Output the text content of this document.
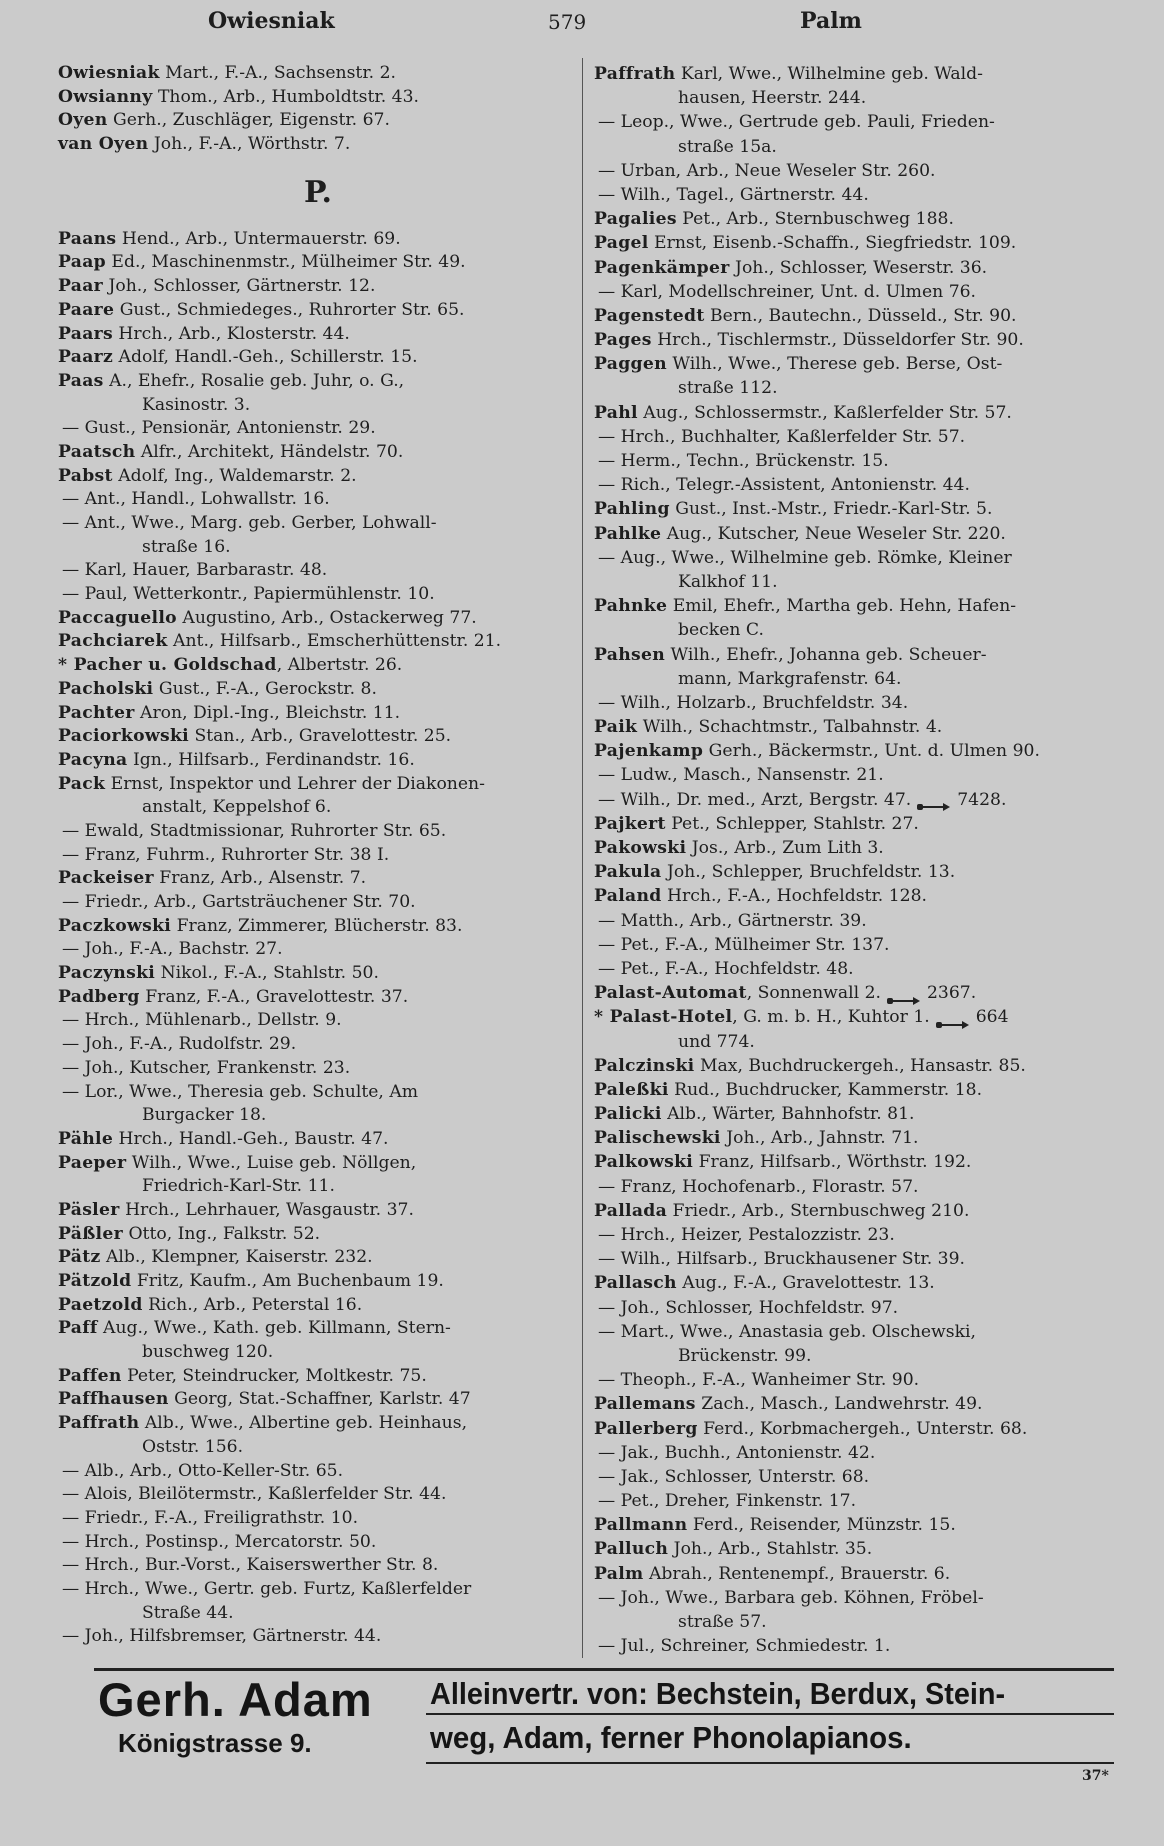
Owiesniak	579	Palm
Owiesniak Mart., F.-A., Sachsenstr. 2.
Owsianny Thom., Arb., Humboldtstr. 43.
Oyen Gerh., Zuschläger, Eigenstr. 67.
van Oyen Joh., F.-A., Wörthstr. 7.
P.
Paans Hend., Arb., Untermauerstr. 69.
Paap Ed., Maschinenmstr., Mülheimer Str. 49.
Paar Joh., Schlosser, Gärtnerstr. 12.
Paare Gust., Schmiedeges., Ruhrorter Str. 65.
Paars Hrch., Arb., Klosterstr. 44.
Paarz Adolf, Handl.-Geh., Schillerstr. 15.
Paas A., Ehefr., Rosalie geb. Juhr, o. G.,
Kasinostr. 3.
— Gust., Pensionär, Antonienstr. 29.
Paatsch Alfr., Architekt, Händelstr. 70.
Pabst Adolf, Ing., Waldemarstr. 2.
— Ant., Handl., Lohwallstr. 16.
— Ant., Wwe., Marg. geb. Gerber, Lohwall-
straße 16.
— Karl, Hauer, Barbarastr. 48.
— Paul, Wetterkontr., Papiermühlenstr. 10.
Paccaguello Augustino, Arb., Ostackerweg 77.
Pachciarek Ant., Hilfsarb., Emscherhüttenstr. 21.
* Pacher u. Goldschad, Albertstr. 26.
Pacholski Gust., F.-A., Gerockstr. 8.
Pachter Aron, Dipl.-Ing., Bleichstr. 11.
Paciorkowski Stan., Arb., Gravelottestr. 25.
Pacyna Ign., Hilfsarb., Ferdinandstr. 16.
Pack Ernst, Inspektor und Lehrer der Diakonen-
anstalt, Keppelshof 6.
— Ewald, Stadtmissionar, Ruhrorter Str. 65.
— Franz, Fuhrm., Ruhrorter Str. 38 I.
Packeiser Franz, Arb., Alsenstr. 7.
— Friedr., Arb., Gartsträuchener Str. 70.
Paczkowski Franz, Zimmerer, Blücherstr. 83.
— Joh., F.-A., Bachstr. 27.
Paczynski Nikol., F.-A., Stahlstr. 50.
Padberg Franz, F.-A., Gravelottestr. 37.
— Hrch., Mühlenarb., Dellstr. 9.
— Joh., F.-A., Rudolfstr. 29.
— Joh., Kutscher, Frankenstr. 23.
— Lor., Wwe., Theresia geb. Schulte, Am
Burgacker 18.
Pähle Hrch., Handl.-Geh., Baustr. 47.
Paeper Wilh., Wwe., Luise geb. Nöllgen,
Friedrich-Karl-Str. 11.
Päsler Hrch., Lehrhauer, Wasgaustr. 37.
Päßler Otto, Ing., Falkstr. 52.
Pätz Alb., Klempner, Kaiserstr. 232.
Pätzold Fritz, Kaufm., Am Buchenbaum 19.
Paetzold Rich., Arb., Peterstal 16.
Paff Aug., Wwe., Kath. geb. Killmann, Stern-
buschweg 120.
Paffen Peter, Steindrucker, Moltkestr. 75.
Paffhausen Georg, Stat.-Schaffner, Karlstr. 47
Paffrath Alb., Wwe., Albertine geb. Heinhaus,
Oststr. 156.
— Alb., Arb., Otto-Keller-Str. 65.
— Alois, Bleilötermstr., Kaßlerfelder Str. 44.
— Friedr., F.-A., Freiligrathstr. 10.
— Hrch., Postinsp., Mercatorstr. 50.
— Hrch., Bur.-Vorst., Kaiserswerther Str. 8.
— Hrch., Wwe., Gertr. geb. Furtz, Kaßlerfelder
Straße 44.
— Joh., Hilfsbremser, Gärtnerstr. 44.
Paffrath Karl, Wwe., Wilhelmine geb. Wald-
hausen, Heerstr. 244.
— Leop., Wwe., Gertrude geb. Pauli, Frieden-
straße 15a.
— Urban, Arb., Neue Weseler Str. 260.
— Wilh., Tagel., Gärtnerstr. 44.
Pagalies Pet., Arb., Sternbuschweg 188.
Pagel Ernst, Eisenb.-Schaffn., Siegfriedstr. 109.
Pagenkämper Joh., Schlosser, Weserstr. 36.
— Karl, Modellschreiner, Unt. d. Ulmen 76.
Pagenstedt Bern., Bautechn., Düsseld., Str. 90.
Pages Hrch., Tischlermstr., Düsseldorfer Str. 90.
Paggen Wilh., Wwe., Therese geb. Berse, Ost-
straße 112.
Pahl Aug., Schlossermstr., Kaßlerfelder Str. 57.
— Hrch., Buchhalter, Kaßlerfelder Str. 57.
— Herm., Techn., Brückenstr. 15.
— Rich., Telegr.-Assistent, Antonienstr. 44.
Pahling Gust., Inst.-Mstr., Friedr.-Karl-Str. 5.
Pahlke Aug., Kutscher, Neue Weseler Str. 220.
— Aug., Wwe., Wilhelmine geb. Römke, Kleiner
Kalkhof 11.
Pahnke Emil, Ehefr., Martha geb. Hehn, Hafen-
becken C.
Pahsen Wilh., Ehefr., Johanna geb. Scheuer-
mann, Markgrafenstr. 64.
— Wilh., Holzarb., Bruchfeldstr. 34.
Paik Wilh., Schachtmstr., Talbahnstr. 4.
Pajenkamp Gerh., Bäckermstr., Unt. d. Ulmen 90.
— Ludw., Masch., Nansenstr. 21.
— Wilh., Dr. med., Arzt, Bergstr. 47.	7428.
Pajkert Pet., Schlepper, Stahlstr. 27.
Pakowski Jos., Arb., Zum Lith 3.
Pakula Joh., Schlepper, Bruchfeldstr. 13.
Paland Hrch., F.-A., Hochfeldstr. 128.
— Matth., Arb., Gärtnerstr. 39.
— Pet., F.-A., Mülheimer Str. 137.
— Pet., F.-A., Hochfeldstr. 48.
Palast-Automat, Sonnenwall 2.	2367.
* Palast-Hotel, G. m. b. H., Kuhtor 1.	664
und 774.
Palczinski Max, Buchdruckergeh., Hansastr. 85.
Paleßki Rud., Buchdrucker, Kammerstr. 18.
Palicki Alb., Wärter, Bahnhofstr. 81.
Palischewski Joh., Arb., Jahnstr. 71.
Palkowski Franz, Hilfsarb., Wörthstr. 192.
— Franz, Hochofenarb., Florastr. 57.
Pallada Friedr., Arb., Sternbuschweg 210.
— Hrch., Heizer, Pestalozzistr. 23.
— Wilh., Hilfsarb., Bruckhausener Str. 39.
Pallasch Aug., F.-A., Gravelottestr. 13.
— Joh., Schlosser, Hochfeldstr. 97.
— Mart., Wwe., Anastasia geb. Olschewski,
Brückenstr. 99.
— Theoph., F.-A., Wanheimer Str. 90.
Pallemans Zach., Masch., Landwehrstr. 49.
Pallerberg Ferd., Korbmachergeh., Unterstr. 68.
— Jak., Buchh., Antonienstr. 42.
— Jak., Schlosser, Unterstr. 68.
— Pet., Dreher, Finkenstr. 17.
Pallmann Ferd., Reisender, Münzstr. 15.
Palluch Joh., Arb., Stahlstr. 35.
Palm Abrah., Rentenempf., Brauerstr. 6.
— Joh., Wwe., Barbara geb. Köhnen, Fröbel-
straße 57.
— Jul., Schreiner, Schmiedestr. 1.
Gerh. Adam
Königstrasse 9.
Alleinvertr. von: Bechstein, Berdux, Stein-
weg, Adam, ferner Phonolapianos.
37*
